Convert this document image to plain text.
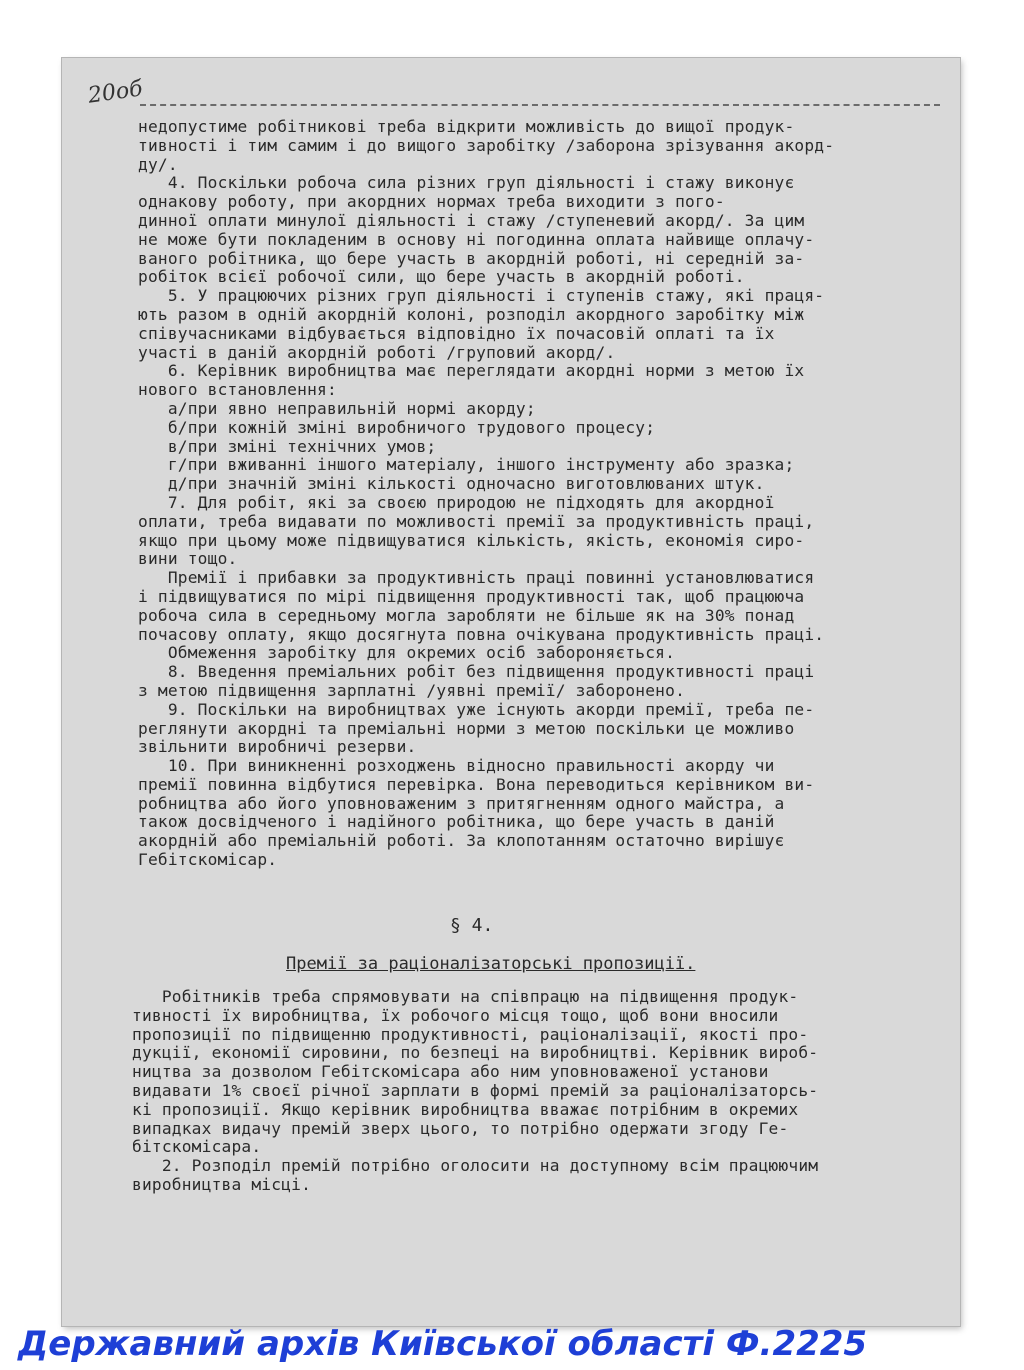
20об
недопустиме робітникові треба відкрити можливість до вищої продук-
тивності і тим самим і до вищого заробітку /заборона зрізування акорд-
ду/.
4. Поскільки робоча сила різних груп діяльності і стажу виконує
однакову роботу, при акордних нормах треба виходити з пого-
динної оплати минулої діяльності і стажу /ступеневий акорд/. За цим
не може бути покладеним в основу ні погодинна оплата найвище оплачу-
ваного робітника, що бере участь в акордній роботі, ні середній за-
робіток всієї робочої сили, що бере участь в акордній роботі.
5. У працюючих різних груп діяльності і ступенів стажу, які праця-
ють разом в одній акордній колоні, розподіл акордного заробітку між
співучасниками відбувається відповідно їх почасовій оплаті та їх
участі в даній акордній роботі /груповий акорд/.
6. Керівник виробництва має переглядати акордні норми з метою їх
нового встановлення:
а/при явно неправильній нормі акорду;
б/при кожній зміні виробничого трудового процесу;
в/при зміні технічних умов;
г/при вживанні іншого матеріалу, іншого інструменту або зразка;
д/при значній зміні кількості одночасно виготовлюваних штук.
7. Для робіт, які за своєю природою не підходять для акордної
оплати, треба видавати по можливості премії за продуктивність праці,
якщо при цьому може підвищуватися кількість, якість, економія сиро-
вини тощо.
Премії і прибавки за продуктивність праці повинні установлюватися
і підвищуватися по мірі підвищення продуктивності так, щоб працююча
робоча сила в середньому могла заробляти не більше як на 30% понад
почасову оплату, якщо досягнута повна очікувана продуктивність праці.
Обмеження заробітку для окремих осіб забороняється.
8. Введення преміальних робіт без підвищення продуктивності праці
з метою підвищення зарплатні /уявні премії/ заборонено.
9. Поскільки на виробництвах уже існують акорди премії, треба пе-
реглянути акордні та преміальні норми з метою поскільки це можливо
звільнити виробничі резерви.
10. При виникненні розходжень відносно правильності акорду чи
премії повинна відбутися перевірка. Вона переводиться керівником ви-
робництва або його уповноваженим з притягненням одного майстра, а
також досвідченого і надійного робітника, що бере участь в даній
акордній або преміальній роботі. За клопотанням остаточно вирішує
Гебітскомісар.
§ 4.
Премії за раціоналізаторські пропозиції.
Робітників треба спрямовувати на співпрацю на підвищення продук-
тивності їх виробництва, їх робочого місця тощо, щоб вони вносили
пропозиції по підвищенню продуктивності, раціоналізації, якості про-
дукції, економії сировини, по безпеці на виробництві. Керівник вироб-
ництва за дозволом Гебітскомісара або ним уповноваженої установи
видавати 1% своєї річної зарплати в формі премій за раціоналізаторсь-
кі пропозиції. Якщо керівник виробництва вважає потрібним в окремих
випадках видачу премій зверх цього, то потрібно одержати згоду Ге-
бітскомісара.
2. Розподіл премій потрібно оголосити на доступному всім працюючим
виробництва місці.
Державний архів Київської області Ф.2225
